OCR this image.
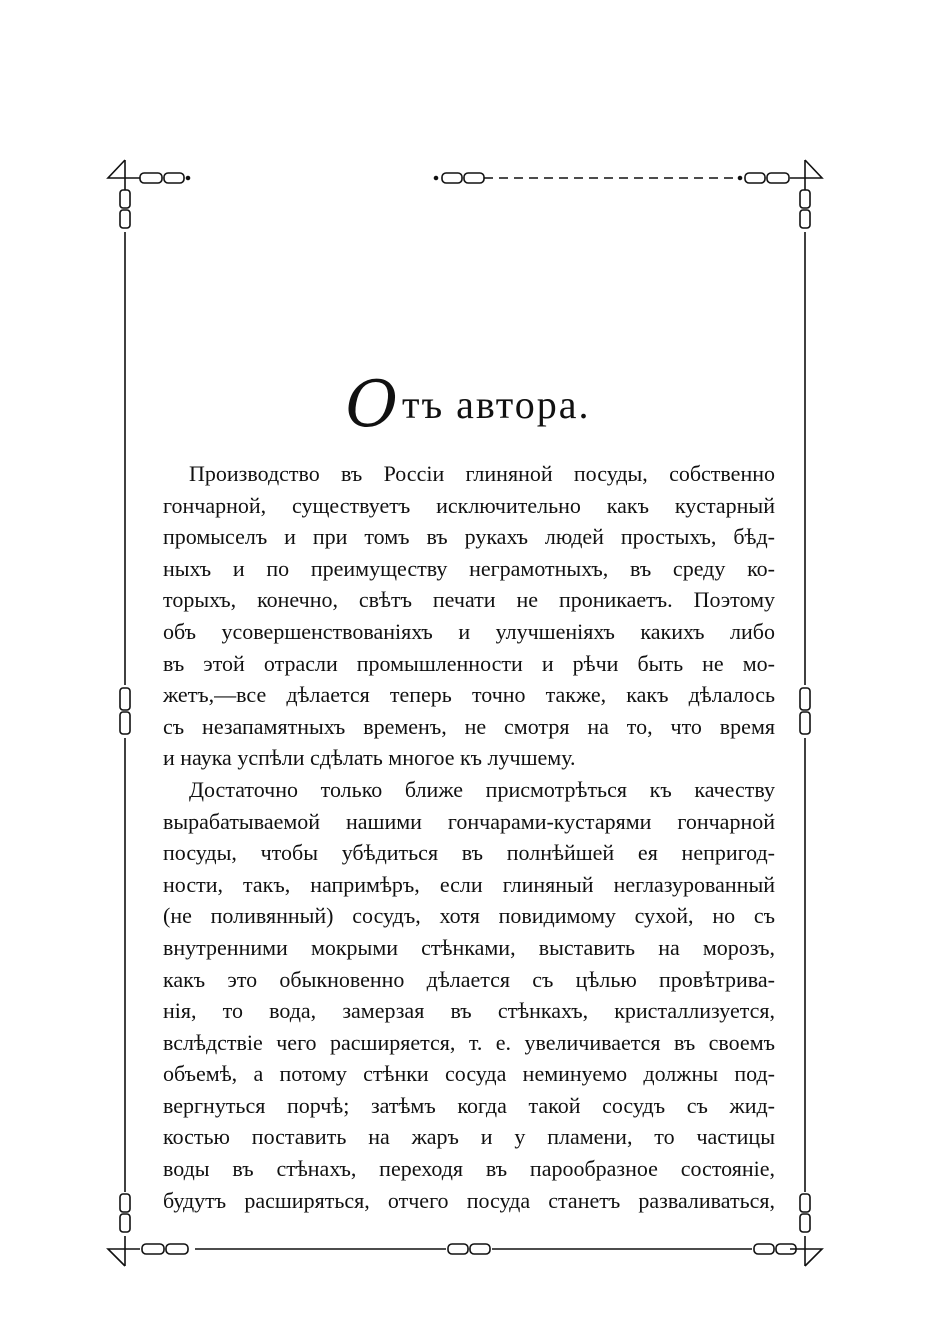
Отъ автора.
Производство въ Россіи глиняной посуды, собственно
гончарной, существуетъ исключительно какъ кустарный
промыселъ и при томъ въ рукахъ людей простыхъ, бѣд-
ныхъ и по преимуществу неграмотныхъ, въ среду ко-
торыхъ, конечно, свѣтъ печати не проникаетъ. Поэтому
объ усовершенствованіяхъ и улучшеніяхъ какихъ либо
въ этой отрасли промышленности и рѣчи быть не мо-
жетъ,—все дѣлается теперь точно также, какъ дѣлалось
съ незапамятныхъ временъ, не смотря на то, что время
и наука успѣли сдѣлать многое къ лучшему.
Достаточно только ближе присмотрѣться къ качеству
вырабатываемой нашими гончарами-кустарями гончарной
посуды, чтобы убѣдиться въ полнѣйшей ея непригод-
ности, такъ, напримѣръ, если глиняный неглазурованный
(не поливянный) сосудъ, хотя повидимому сухой, но съ
внутренними мокрыми стѣнками, выставить на морозъ,
какъ это обыкновенно дѣлается съ цѣлью провѣтрива-
нія, то вода, замерзая въ стѣнкахъ, кристаллизуется,
вслѣдствіе чего расширяется, т. е. увеличивается въ своемъ
объемѣ, а потому стѣнки сосуда неминуемо должны под-
вергнуться порчѣ; затѣмъ когда такой сосудъ съ жид-
костью поставить на жаръ и у пламени, то частицы
воды въ стѣнахъ, переходя въ парообразное состояніе,
будутъ расширяться, отчего посуда станетъ разваливаться,
